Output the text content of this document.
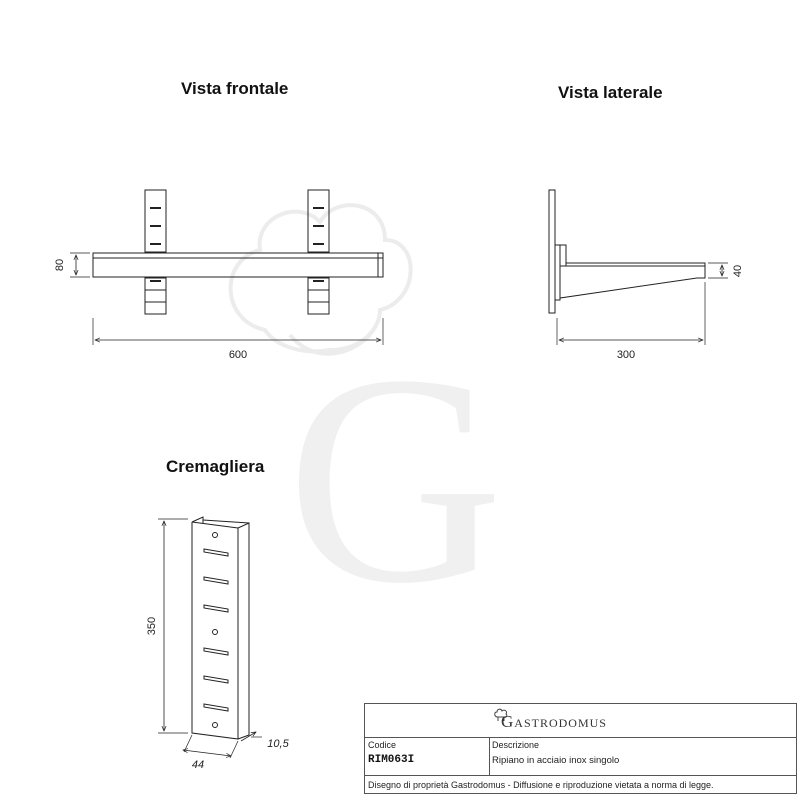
Vista frontale	Vista laterale
Cremagliera G
80
600
40
300
350
44
10,5
Gastrodomus
Codice
RIM063I
Descrizione
Ripiano in acciaio inox singolo
Disegno di proprietà Gastrodomus - Diffusione e riproduzione vietata a norma di legge.
